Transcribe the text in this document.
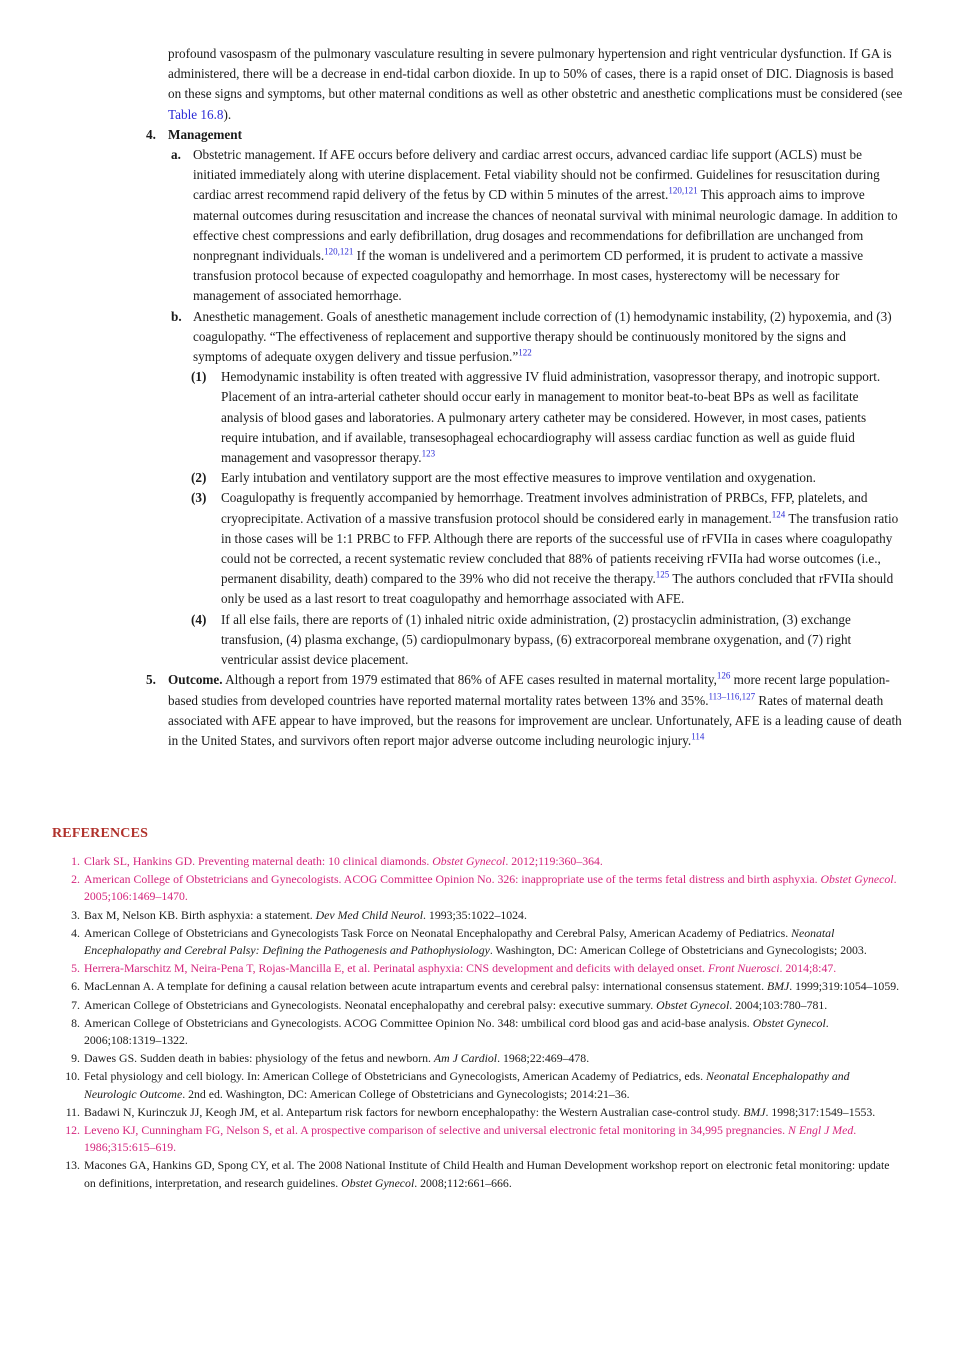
profound vasospasm of the pulmonary vasculature resulting in severe pulmonary hypertension and right ventricular dysfunction. If GA is administered, there will be a decrease in end-tidal carbon dioxide. In up to 50% of cases, there is a rapid onset of DIC. Diagnosis is based on these signs and symptoms, but other maternal conditions as well as other obstetric and anesthetic complications must be considered (see Table 16.8).

4. Management
a. Obstetric management. If AFE occurs before delivery and cardiac arrest occurs, advanced cardiac life support (ACLS) must be initiated immediately along with uterine displacement. Fetal viability should not be confirmed. Guidelines for resuscitation during cardiac arrest recommend rapid delivery of the fetus by CD within 5 minutes of the arrest.$^{120,121}$ This approach aims to improve maternal outcomes during resuscitation and increase the chances of neonatal survival with minimal neurologic damage. In addition to effective chest compressions and early defibrillation, drug dosages and recommendations for defibrillation are unchanged from nonpregnant individuals.$^{120,121}$ If the woman is undelivered and a perimortem CD performed, it is prudent to activate a massive transfusion protocol because of expected coagulopathy and hemorrhage. In most cases, hysterectomy will be necessary for management of associated hemorrhage.
b. Anesthetic management. Goals of anesthetic management include correction of (1) hemodynamic instability, (2) hypoxemia, and (3) coagulopathy. “The effectiveness of replacement and supportive therapy should be continuously monitored by the signs and symptoms of adequate oxygen delivery and tissue perfusion.”$^{122}$
(1) Hemodynamic instability is often treated with aggressive IV fluid administration, vasopressor therapy, and inotropic support. Placement of an intra-arterial catheter should occur early in management to monitor beat-to-beat BPs as well as facilitate analysis of blood gases and laboratories. A pulmonary artery catheter may be considered. However, in most cases, patients require intubation, and if available, transesophageal echocardiography will assess cardiac function as well as guide fluid management and vasopressor therapy.$^{123}$
(2) Early intubation and ventilatory support are the most effective measures to improve ventilation and oxygenation.
(3) Coagulopathy is frequently accompanied by hemorrhage. Treatment involves administration of PRBCs, FFP, platelets, and cryoprecipitate. Activation of a massive transfusion protocol should be considered early in management.$^{124}$ The transfusion ratio in those cases will be 1:1 PRBC to FFP. Although there are reports of the successful use of rFVIIa in cases where coagulopathy could not be corrected, a recent systematic review concluded that 88% of patients receiving rFVIIa had worse outcomes (i.e., permanent disability, death) compared to the 39% who did not receive the therapy.$^{125}$ The authors concluded that rFVIIa should only be used as a last resort to treat coagulopathy and hemorrhage associated with AFE.
(4) If all else fails, there are reports of (1) inhaled nitric oxide administration, (2) prostacyclin administration, (3) exchange transfusion, (4) plasma exchange, (5) cardiopulmonary bypass, (6) extracorporeal membrane oxygenation, and (7) right ventricular assist device placement.
5. Outcome. Although a report from 1979 estimated that 86% of AFE cases resulted in maternal mortality,$^{126}$ more recent large population-based studies from developed countries have reported maternal mortality rates between 13% and 35%.$^{113-116,127}$ Rates of maternal death associated with AFE appear to have improved, but the reasons for improvement are unclear. Unfortunately, AFE is a leading cause of death in the United States, and survivors often report major adverse outcome including neurologic injury.$^{114}$
REFERENCES
1. Clark SL, Hankins GD. Preventing maternal death: 10 clinical diamonds. Obstet Gynecol. 2012;119:360–364.
2. American College of Obstetricians and Gynecologists. ACOG Committee Opinion No. 326: inappropriate use of the terms fetal distress and birth asphyxia. Obstet Gynecol. 2005;106:1469–1470.
3. Bax M, Nelson KB. Birth asphyxia: a statement. Dev Med Child Neurol. 1993;35:1022–1024.
4. American College of Obstetricians and Gynecologists Task Force on Neonatal Encephalopathy and Cerebral Palsy, American Academy of Pediatrics. Neonatal Encephalopathy and Cerebral Palsy: Defining the Pathogenesis and Pathophysiology. Washington, DC: American College of Obstetricians and Gynecologists; 2003.
5. Herrera-Marschitz M, Neira-Pena T, Rojas-Mancilla E, et al. Perinatal asphyxia: CNS development and deficits with delayed onset. Front Nuerosci. 2014;8:47.
6. MacLennan A. A template for defining a causal relation between acute intrapartum events and cerebral palsy: international consensus statement. BMJ. 1999;319:1054–1059.
7. American College of Obstetricians and Gynecologists. Neonatal encephalopathy and cerebral palsy: executive summary. Obstet Gynecol. 2004;103:780–781.
8. American College of Obstetricians and Gynecologists. ACOG Committee Opinion No. 348: umbilical cord blood gas and acid-base analysis. Obstet Gynecol. 2006;108:1319–1322.
9. Dawes GS. Sudden death in babies: physiology of the fetus and newborn. Am J Cardiol. 1968;22:469–478.
10. Fetal physiology and cell biology. In: American College of Obstetricians and Gynecologists, American Academy of Pediatrics, eds. Neonatal Encephalopathy and Neurologic Outcome. 2nd ed. Washington, DC: American College of Obstetricians and Gynecologists; 2014:21–36.
11. Badawi N, Kurinczuk JJ, Keogh JM, et al. Antepartum risk factors for newborn encephalopathy: the Western Australian case-control study. BMJ. 1998;317:1549–1553.
12. Leveno KJ, Cunningham FG, Nelson S, et al. A prospective comparison of selective and universal electronic fetal monitoring in 34,995 pregnancies. N Engl J Med. 1986;315:615–619.
13. Macones GA, Hankins GD, Spong CY, et al. The 2008 National Institute of Child Health and Human Development workshop report on electronic fetal monitoring: update on definitions, interpretation, and research guidelines. Obstet Gynecol. 2008;112:661–666.
